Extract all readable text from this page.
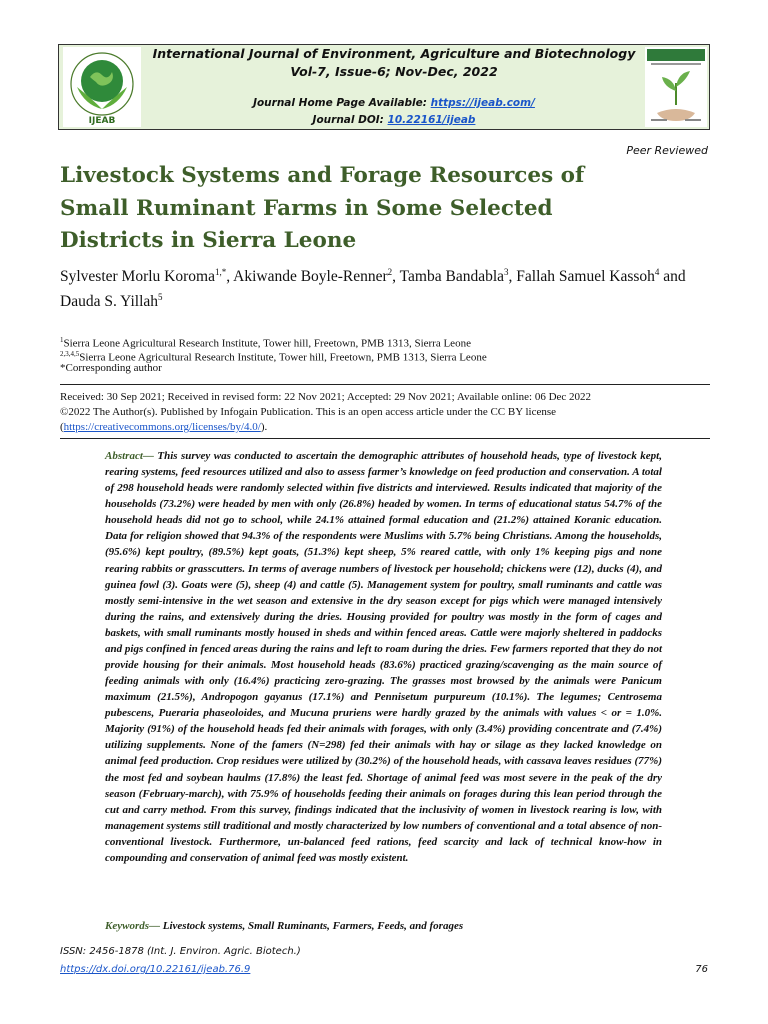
IJEAB
International Journal of Environment, Agriculture and Biotechnology
Vol-7, Issue-6; Nov-Dec, 2022
Journal Home Page Available: https://ijeab.com/
Journal DOI: 10.22161/ijeab
Peer Reviewed
Livestock Systems and Forage Resources of Small Ruminant Farms in Some Selected Districts in Sierra Leone
Sylvester Morlu Koroma$^{1,*}$, Akiwande Boyle-Renner$^2$, Tamba Bandabla$^3$, Fallah Samuel Kassoh$^4$ and Dauda S. Yillah$^5$
$^1$Sierra Leone Agricultural Research Institute, Tower hill, Freetown, PMB 1313, Sierra Leone
$^{2,3,4,5}$Sierra Leone Agricultural Research Institute, Tower hill, Freetown, PMB 1313, Sierra Leone
*Corresponding author
Received: 30 Sep 2021; Received in revised form: 22 Nov 2021; Accepted: 29 Nov 2021; Available online: 06 Dec 2022
©2022 The Author(s). Published by Infogain Publication. This is an open access article under the CC BY license
(https://creativecommons.org/licenses/by/4.0/).
Abstract— This survey was conducted to ascertain the demographic attributes of household heads, type of livestock kept, rearing systems, feed resources utilized and also to assess farmer’s knowledge on feed production and conservation. A total of 298 household heads were randomly selected within five districts and interviewed. Results indicated that majority of the households (73.2%) were headed by men with only (26.8%) headed by women. In terms of educational status 54.7% of the household heads did not go to school, while 24.1% attained formal education and (21.2%) attained Koranic education. Data for religion showed that 94.3% of the respondents were Muslims with 5.7% being Christians. Among the households, (95.6%) kept poultry, (89.5%) kept goats, (51.3%) kept sheep, 5% reared cattle, with only 1% keeping pigs and none rearing rabbits or grasscutters. In terms of average numbers of livestock per household; chickens were (12), ducks (4), and guinea fowl (3). Goats were (5), sheep (4) and cattle (5). Management system for poultry, small ruminants and cattle was mostly semi-intensive in the wet season and extensive in the dry season except for pigs which were managed intensively during the rains, and extensively during the dries. Housing provided for poultry was mostly in the form of cages and baskets, with small ruminants mostly housed in sheds and within fenced areas. Cattle were majorly sheltered in paddocks and pigs confined in fenced areas during the rains and left to roam during the dries. Few farmers reported that they do not provide housing for their animals. Most household heads (83.6%) practiced grazing/scavenging as the main source of feeding animals with only (16.4%) practicing zero-grazing. The grasses most browsed by the animals were Panicum maximum (21.5%), Andropogon gayanus (17.1%) and Pennisetum purpureum (10.1%). The legumes; Centrosema pubescens, Pueraria phaseoloides, and Mucuna pruriens were hardly grazed by the animals with values < or = 1.0%. Majority (91%) of the household heads fed their animals with forages, with only (3.4%) providing concentrate and (7.4%) utilizing supplements. None of the famers (N=298) fed their animals with hay or silage as they lacked knowledge on animal feed production. Crop residues were utilized by (30.2%) of the household heads, with cassava leaves residues (77%) the most fed and soybean haulms (17.8%) the least fed. Shortage of animal feed was most severe in the peak of the dry season (February-march), with 75.9% of households feeding their animals on forages during this lean period through the cut and carry method. From this survey, findings indicated that the inclusivity of women in livestock rearing is low, with management systems still traditional and mostly characterized by low numbers of conventional and a total absence of non-conventional livestock. Furthermore, un-balanced feed rations, feed scarcity and lack of technical know-how in compounding and conservation of animal feed was mostly existent.
Keywords— Livestock systems, Small Ruminants, Farmers, Feeds, and forages
ISSN: 2456-1878 (Int. J. Environ. Agric. Biotech.)
https://dx.doi.org/10.22161/ijeab.76.9	76
